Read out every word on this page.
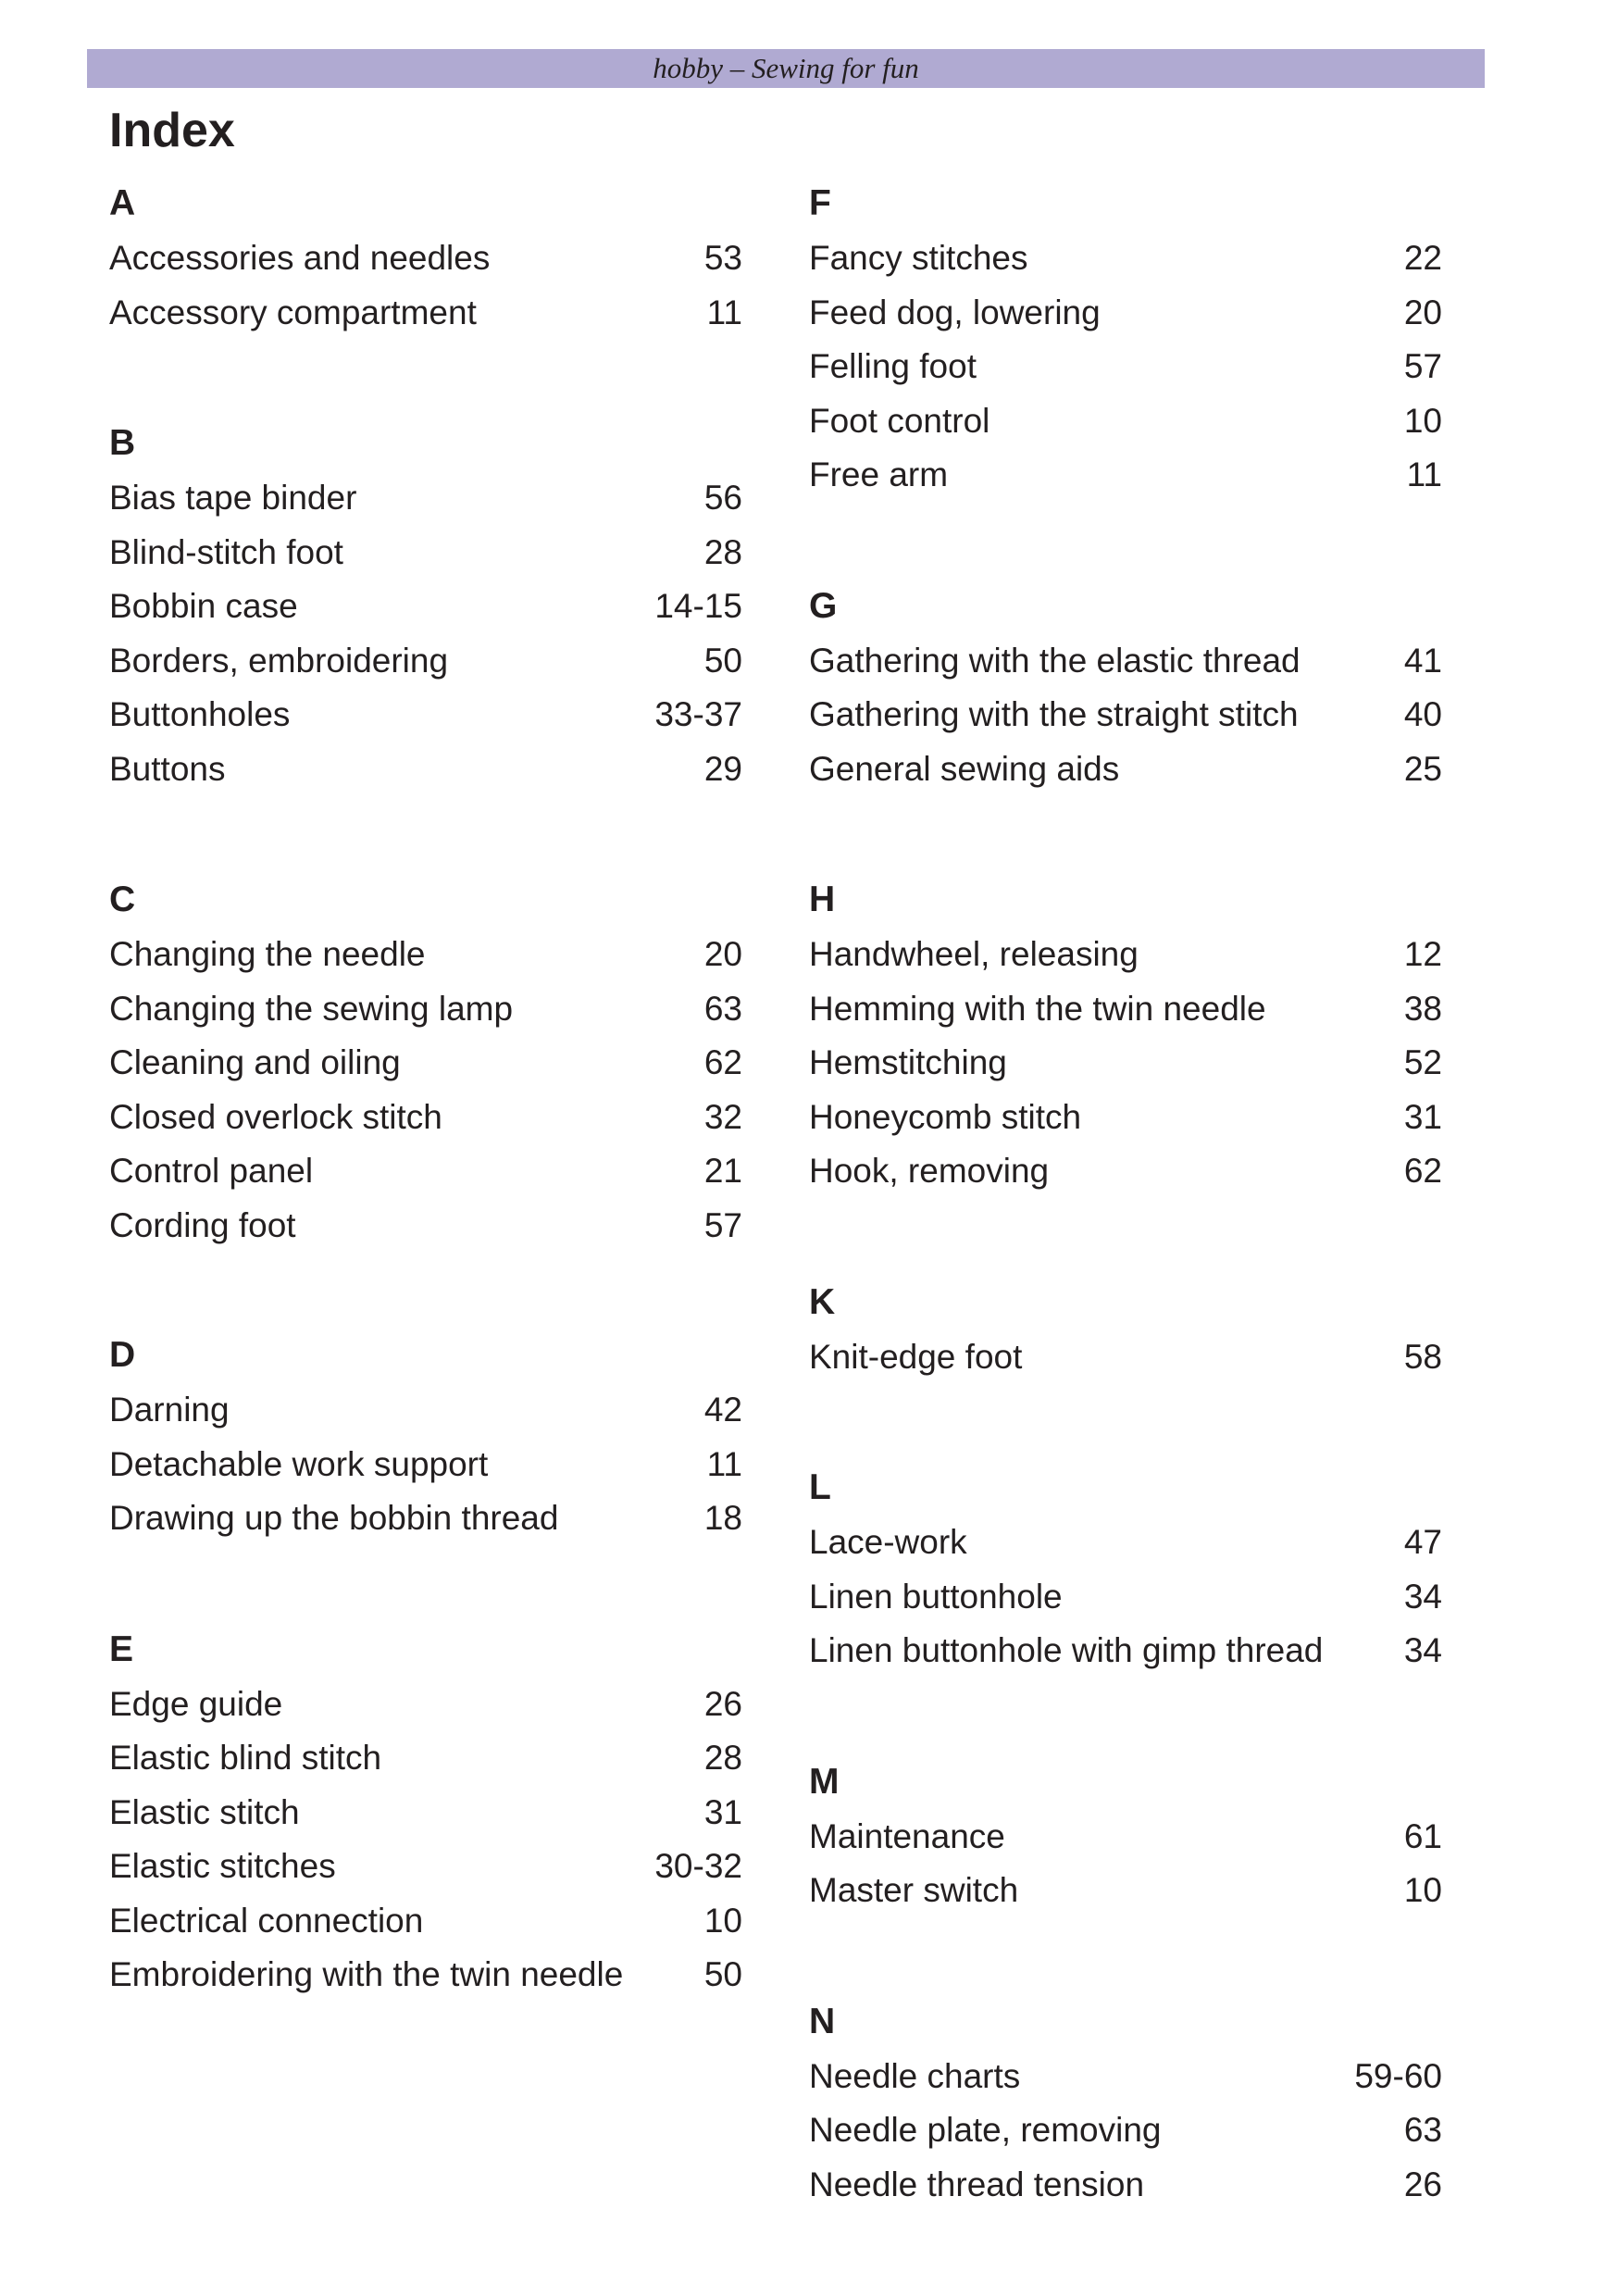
hobby – Sewing for fun
Index
A
Accessories and needles	53
Accessory compartment	11
B
Bias tape binder	56
Blind-stitch foot	28
Bobbin case	14-15
Borders, embroidering	50
Buttonholes	33-37
Buttons	29
C
Changing the needle	20
Changing the sewing lamp	63
Cleaning and oiling	62
Closed overlock stitch	32
Control panel	21
Cording foot	57
D
Darning	42
Detachable work support	11
Drawing up the bobbin thread	18
E
Edge guide	26
Elastic blind stitch	28
Elastic stitch	31
Elastic stitches	30-32
Electrical connection	10
Embroidering with the twin needle 50
F
Fancy stitches	22
Feed dog, lowering	20
Felling foot	57
Foot control	10
Free arm	11
G
Gathering with the elastic thread	41
Gathering with the straight stitch	40
General sewing aids	25
H
Handwheel, releasing	12
Hemming with the twin needle	38
Hemstitching	52
Honeycomb stitch	31
Hook, removing	62
K
Knit-edge foot	58
L
Lace-work	47
Linen buttonhole	34
Linen buttonhole with gimp thread 34
M
Maintenance	61
Master switch	10
N
Needle charts	59-60
Needle plate, removing	63
Needle thread tension	26
